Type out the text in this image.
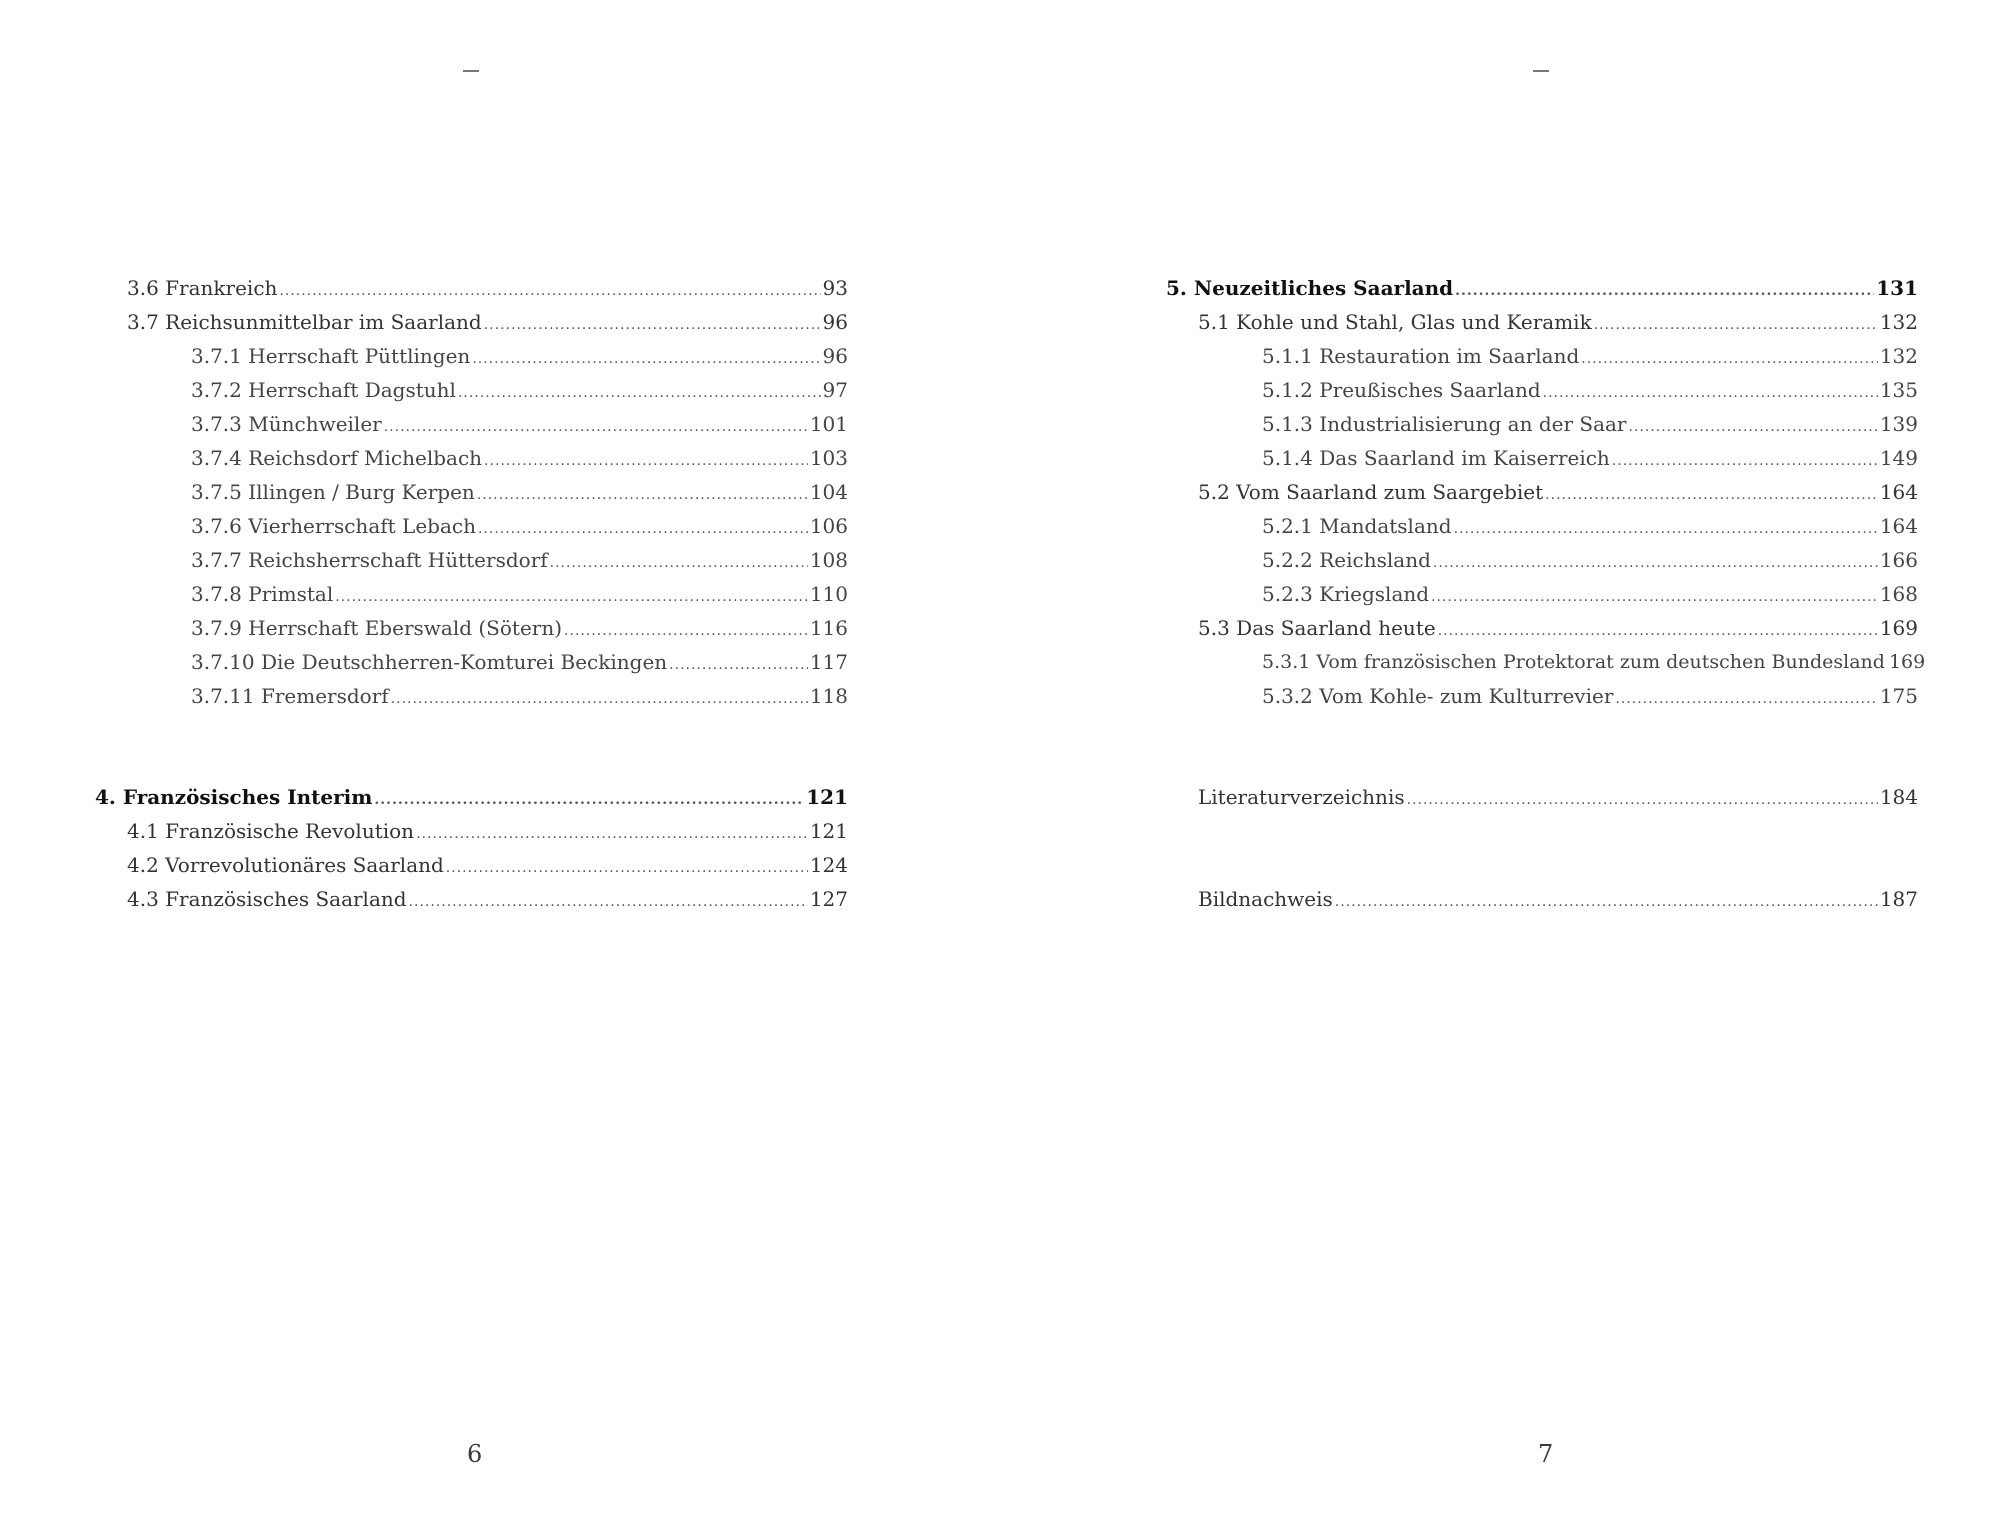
3.6 Frankreich .....	93
3.7 Reichsunmittelbar im Saarland .....	96
3.7.1 Herrschaft Püttlingen .....	96
3.7.2 Herrschaft Dagstuhl .....	97
3.7.3 Münchweiler .....	101
3.7.4 Reichsdorf Michelbach .....	103
3.7.5 Illingen / Burg Kerpen .....	104
3.7.6 Vierherrschaft Lebach .....	106
3.7.7 Reichsherrschaft Hüttersdorf .....	108
3.7.8 Primstal .....	110
3.7.9 Herrschaft Eberswald (Sötern) .....	116
3.7.10 Die Deutschherren-Komturei Beckingen .....	117
3.7.11 Fremersdorf .....	118
4. Französisches Interim .....	121
4.1 Französische Revolution .....	121
4.2 Vorrevolutionäres Saarland .....	124
4.3 Französisches Saarland .....	127
6
5. Neuzeitliches Saarland .....	131
5.1 Kohle und Stahl, Glas und Keramik .....	132
5.1.1 Restauration im Saarland .....	132
5.1.2 Preußisches Saarland .....	135
5.1.3 Industrialisierung an der Saar .....	139
5.1.4 Das Saarland im Kaiserreich .....	149
5.2 Vom Saarland zum Saargebiet .....	164
5.2.1 Mandatsland .....	164
5.2.2 Reichsland .....	166
5.2.3 Kriegsland .....	168
5.3 Das Saarland heute .....	169
5.3.1 Vom französischen Protektorat zum deutschen Bundesland 169
5.3.2 Vom Kohle- zum Kulturrevier .....	175
Literaturverzeichnis .....	184
Bildnachweis .....	187
7
